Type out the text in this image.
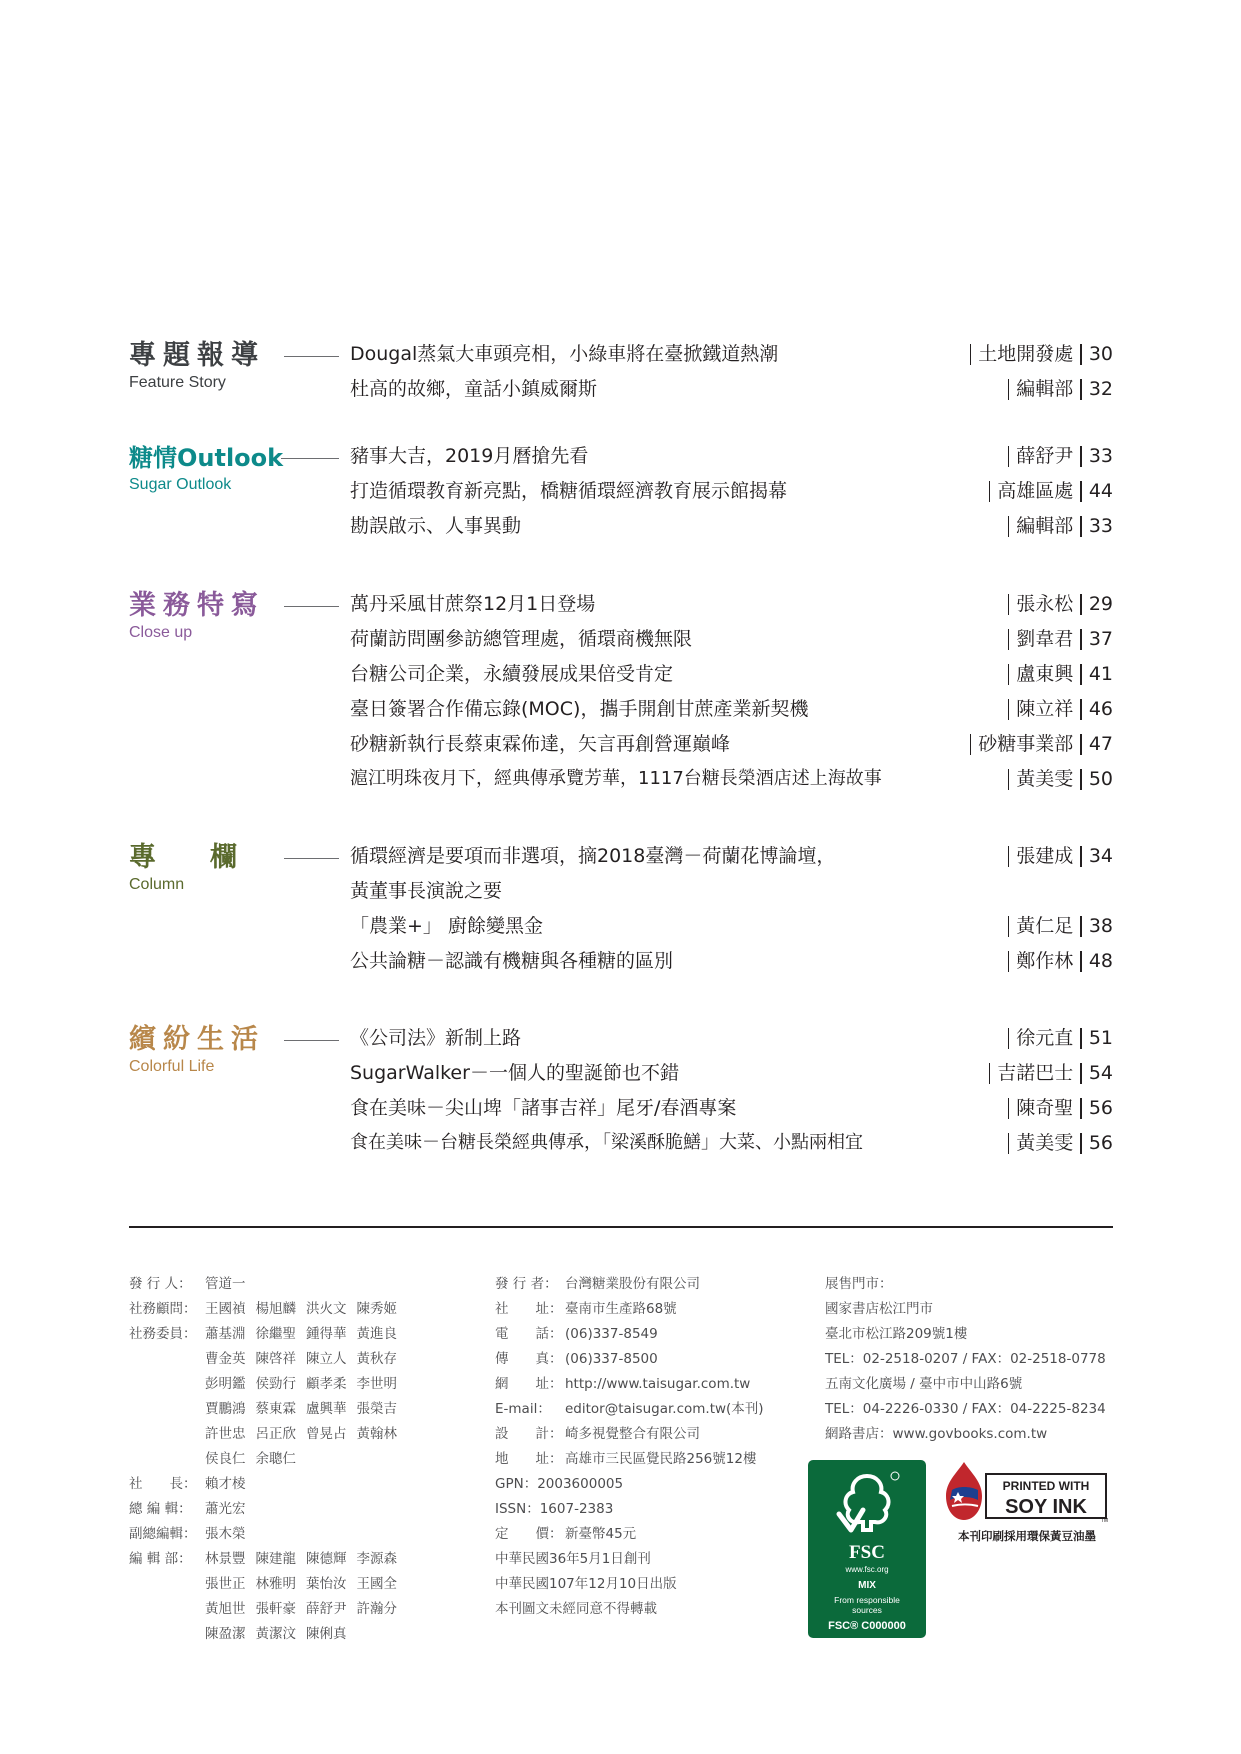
專題報導
Feature Story
Dougal蒸氣大車頭亮相，小綠車將在臺掀鐵道熱潮	土地開發處 30
杜高的故鄉，童話小鎮威爾斯	編輯部 32
糖情Outlook
Sugar Outlook
豬事大吉，2019月曆搶先看	薛舒尹 33
打造循環教育新亮點，橋糖循環經濟教育展示館揭幕	高雄區處 44
勘誤啟示、人事異動	編輯部 33
業務特寫
Close up
萬丹采風甘蔗祭12月1日登場	張永松 29
荷蘭訪問團參訪總管理處，循環商機無限	劉韋君 37
台糖公司企業，永續發展成果倍受肯定	盧東興 41
臺日簽署合作備忘錄(MOC)，攜手開創甘蔗產業新契機	陳立祥 46
砂糖新執行長蔡東霖佈達，矢言再創營運巔峰	砂糖事業部 47
滬江明珠夜月下，經典傳承覽芳華，1117台糖長榮酒店述上海故事	黃美雯 50
專　　欄
Column
循環經濟是要項而非選項，摘2018臺灣－荷蘭花博論壇，	張建成 34
黃董事長演說之要
「農業+」 廚餘變黑金	黃仁足 38
公共論糖－認識有機糖與各種糖的區別	鄭作林 48
繽紛生活
Colorful Life
《公司法》新制上路	徐元直 51
SugarWalker－一個人的聖誕節也不錯	吉諾巴士 54
食在美味－尖山埤「諸事吉祥」尾牙/春酒專案	陳奇聖 56
食在美味－台糖長榮經典傳承，「梁溪酥脆鱔」大菜、小點兩相宜	黃美雯 56
發 行 人： 管道一
社務顧問： 王國禎 楊旭麟 洪火文 陳秀姬
社務委員： 蕭基淵 徐繼聖 鍾得華 黃進良
曹金英 陳啓祥 陳立人 黃秋存
彭明鑑 侯勁行 顧孝柔 李世明
賈鵬鴻 蔡東霖 盧興華 張榮吉
許世忠 呂正欣 曾晃占 黃翰林
侯良仁 余聰仁
社　　長： 賴才棱
總 編 輯： 蕭光宏
副總編輯： 張木榮
編 輯 部： 林景豐 陳建龍 陳德輝 李源森
張世正 林雅明 葉怡汝 王國全
黃旭世 張軒豪 薛舒尹 許瀚分
陳盈潔 黃潔汶 陳俐真
發 行 者： 台灣糖業股份有限公司
社　　址： 臺南市生產路68號
電　　話： (06)337-8549
傳　　真： (06)337-8500
網　　址： http://www.taisugar.com.tw
E-mail：	editor@taisugar.com.tw(本刊)
設　　計： 崎多視覺整合有限公司
地　　址： 高雄市三民區覺民路256號12樓
GPN：2003600005
ISSN：1607-2383
定　　價： 新臺幣45元
中華民國36年5月1日創刊
中華民國107年12月10日出版
本刊圖文未經同意不得轉載
展售門市：
國家書店松江門市
臺北市松江路209號1樓
TEL：02-2518-0207 / FAX：02-2518-0778
五南文化廣場 / 臺中市中山路6號
TEL：04-2226-0330 / FAX：04-2225-8234
網路書店：www.govbooks.com.tw
FSC
www.fsc.org
MIX
From responsible
sources
FSC® C000000
PRINTED WITH
SOY INK
TM
本刊印刷採用環保黃豆油墨
